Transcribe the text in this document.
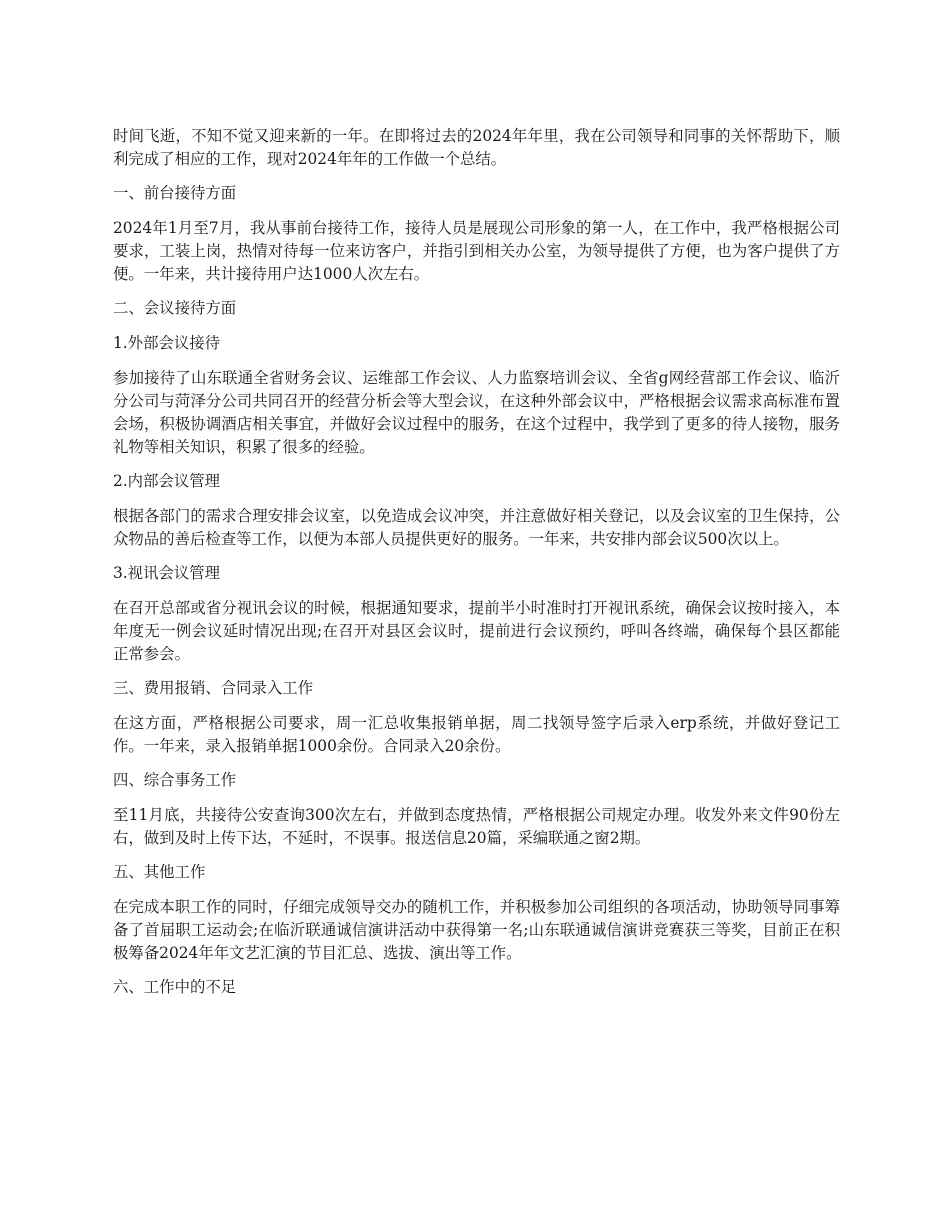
时间飞逝，不知不觉又迎来新的一年。在即将过去的2024年年里，我在公司领导和同事的关怀帮助下，顺利完成了相应的工作，现对2024年年的工作做一个总结。

一、前台接待方面

2024年1月至7月，我从事前台接待工作，接待人员是展现公司形象的第一人，在工作中，我严格根据公司要求，工装上岗，热情对待每一位来访客户，并指引到相关办公室，为领导提供了方便，也为客户提供了方便。一年来，共计接待用户达1000人次左右。

二、会议接待方面

1.外部会议接待

参加接待了山东联通全省财务会议、运维部工作会议、人力监察培训会议、全省g网经营部工作会议、临沂分公司与菏泽分公司共同召开的经营分析会等大型会议，在这种外部会议中，严格根据会议需求高标准布置会场，积极协调酒店相关事宜，并做好会议过程中的服务，在这个过程中，我学到了更多的待人接物，服务礼物等相关知识，积累了很多的经验。

2.内部会议管理

根据各部门的需求合理安排会议室，以免造成会议冲突，并注意做好相关登记，以及会议室的卫生保持，公众物品的善后检查等工作，以便为本部人员提供更好的服务。一年来，共安排内部会议500次以上。

3.视讯会议管理

在召开总部或省分视讯会议的时候，根据通知要求，提前半小时准时打开视讯系统，确保会议按时接入，本年度无一例会议延时情况出现;在召开对县区会议时，提前进行会议预约，呼叫各终端，确保每个县区都能正常参会。

三、费用报销、合同录入工作

在这方面，严格根据公司要求，周一汇总收集报销单据，周二找领导签字后录入erp系统，并做好登记工作。一年来，录入报销单据1000余份。合同录入20余份。

四、综合事务工作

至11月底，共接待公安查询300次左右，并做到态度热情，严格根据公司规定办理。收发外来文件90份左右，做到及时上传下达，不延时，不误事。报送信息20篇，采编联通之窗2期。

五、其他工作

在完成本职工作的同时，仔细完成领导交办的随机工作，并积极参加公司组织的各项活动，协助领导同事筹备了首届职工运动会;在临沂联通诚信演讲活动中获得第一名;山东联通诚信演讲竞赛获三等奖，目前正在积极筹备2024年年文艺汇演的节目汇总、选拔、演出等工作。

六、工作中的不足
